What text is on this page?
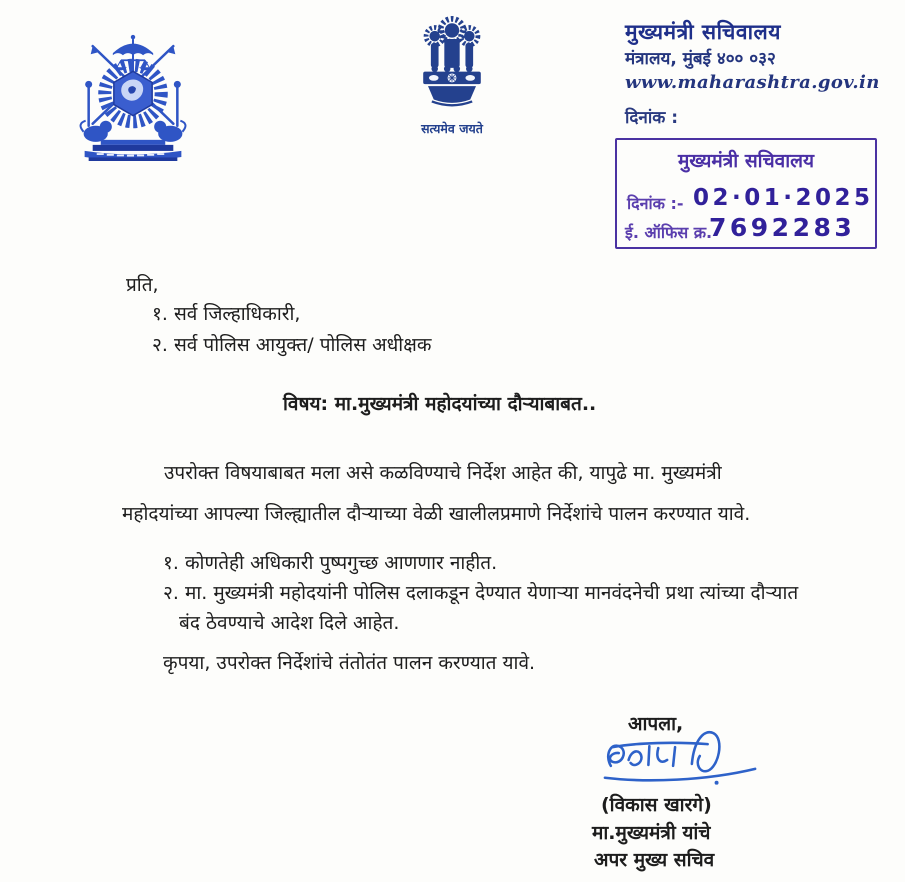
सत्यमेव जयते
मुख्यमंत्री सचिवालय
मंत्रालय, मुंबई ४०० ०३२
www.maharashtra.gov.in
दिनांक :
मुख्यमंत्री सचिवालय
दिनांक :- 02·01·2025
ई. ऑफिस क्र.
7692283
प्रति,
१. सर्व जिल्हाधिकारी,
२. सर्व पोलिस आयुक्त/ पोलिस अधीक्षक
विषय: मा.मुख्यमंत्री महोदयांच्या दौऱ्याबाबत..
उपरोक्त विषयाबाबत मला असे कळविण्याचे निर्देश आहेत की, यापुढे मा. मुख्यमंत्री महोदयांच्या आपल्या जिल्ह्यातील दौऱ्याच्या वेळी खालीलप्रमाणे निर्देशांचे पालन करण्यात यावे.
१. कोणतेही अधिकारी पुष्पगुच्छ आणणार नाहीत.
२. मा. मुख्यमंत्री महोदयांनी पोलिस दलाकडून देण्यात येणाऱ्या मानवंदनेची प्रथा त्यांच्या दौऱ्यात बंद ठेवण्याचे आदेश दिले आहेत.
कृपया, उपरोक्त निर्देशांचे तंतोतंत पालन करण्यात यावे.
आपला,
(विकास खारगे)
मा.मुख्यमंत्री यांचे
अपर मुख्य सचिव
